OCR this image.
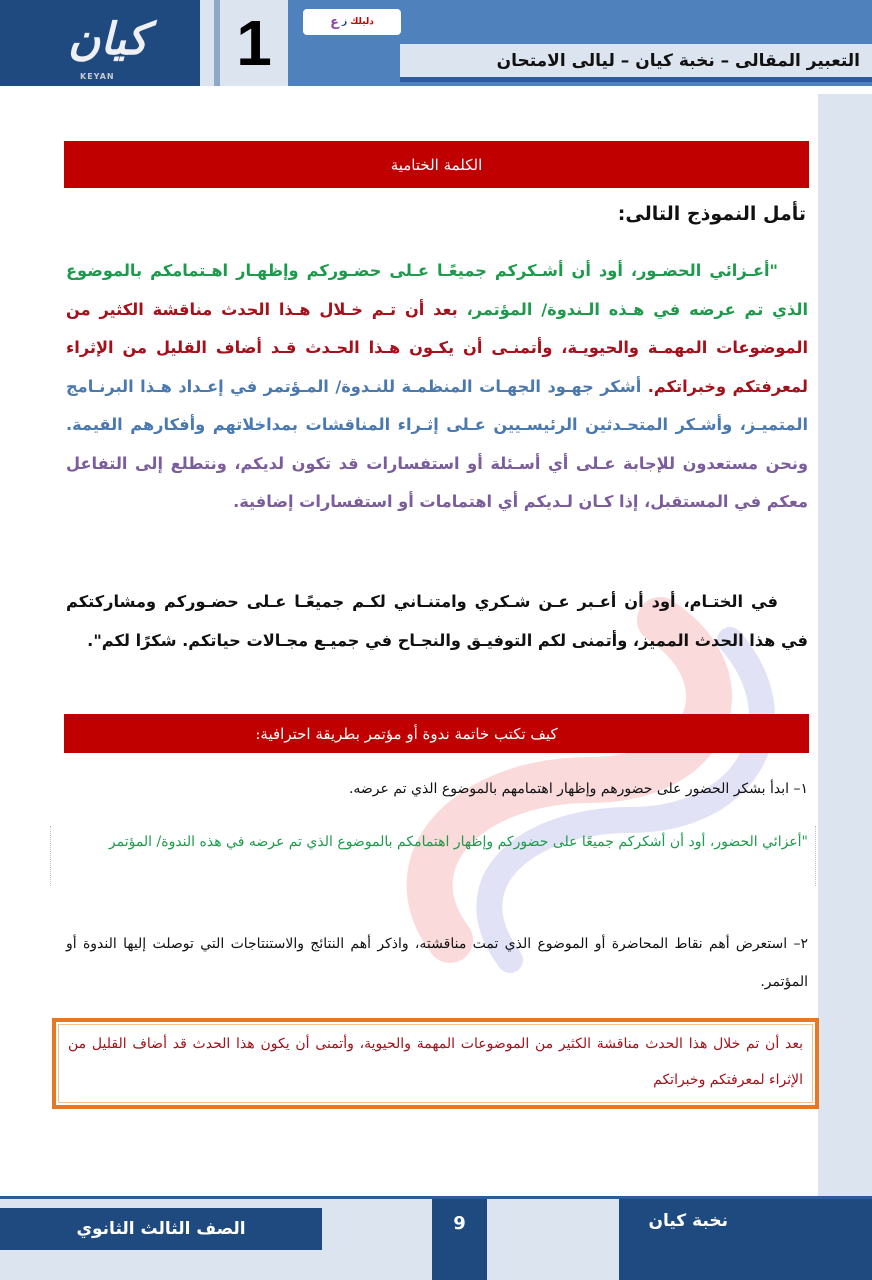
كيان
KEYAN 1	ع ز دليلك
التعبير المقالى – نخبة كيان – ليالى الامتحان
الكلمة الختامية
تأمل النموذج التالى:
"أعـزائي الحضـور، أود أن أشـكركم جميعًـا عـلى حضـوركم وإظهـار اهـتمامكم بالموضوع الذي تم عرضه في هـذه الـندوة/ المؤتمر، بعد أن تـم خـلال هـذا الحدث مناقشة الكثير من الموضوعات المهمـة والحيويـة، وأتمنـى أن يكـون هـذا الحـدث قـد أضاف القليل من الإثراء لمعرفتكم وخبراتكم. أشكر جهـود الجهـات المنظمـة للنـدوة/ المـؤتمر في إعـداد هـذا البرنـامج المتميـز، وأشـكر المتحـدثين الرئيسـيين عـلى إثـراء المناقشات بمداخلاتهم وأفكارهم القيمة. ونحن مستعدون للإجابة عـلى أي أسـئلة أو استفسارات قد تكون لديكم، ونتطلع إلى التفاعل معكم في المستقبل، إذا كـان لـديكم أي اهتمامات أو استفسارات إضافية.
في الختـام، أود أن أعـبر عـن شـكري وامتنـاني لكـم جميعًـا عـلى حضـوركم ومشاركتكم في هذا الحدث المميز، وأتمنى لكم التوفيـق والنجـاح في جميـع مجـالات حياتكم. شكرًا لكم".
كيف تكتب خاتمة ندوة أو مؤتمر بطريقة احترافية:
١– ابدأ بشكر الحضور على حضورهم وإظهار اهتمامهم بالموضوع الذي تم عرضه.
"أعزائي الحضور، أود أن أشكركم جميعًا على حضوركم وإظهار اهتمامكم بالموضوع الذي تم عرضه في هذه الندوة/ المؤتمر
٢– استعرض أهم نقاط المحاضرة أو الموضوع الذي تمت مناقشته، واذكر أهم النتائج والاستنتاجات التي توصلت إليها الندوة أو المؤتمر.
بعد أن تم خلال هذا الحدث مناقشة الكثير من الموضوعات المهمة والحيوية، وأتمنى أن يكون هذا الحدث قد أضاف القليل من الإثراء لمعرفتكم وخبراتكم
الصف الثالث الثانوي	9	نخبة كيان
